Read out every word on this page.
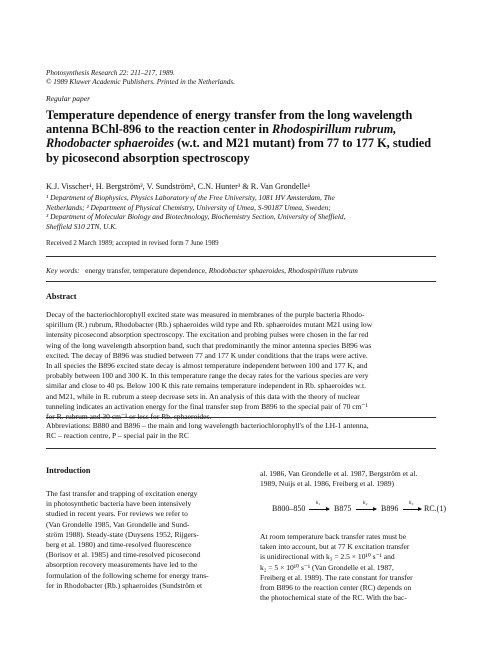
Photosynthesis Research 22: 211–217, 1989.
© 1989 Kluwer Academic Publishers. Printed in the Netherlands.
Regular paper
Temperature dependence of energy transfer from the long wavelength
antenna BChl-896 to the reaction center in Rhodospirillum rubrum,
Rhodobacter sphaeroides (w.t. and M21 mutant) from 77 to 177 K, studied
by picosecond absorption spectroscopy
K.J. Visscher¹, H. Bergström², V. Sundström², C.N. Hunter³ & R. Van Grondelle¹
¹ Department of Biophysics, Physics Laboratory of the Free University, 1081 HV Amsterdam, The
Netherlands; ² Department of Physical Chemistry, University of Umea, S-90187 Umea, Sweden;
³ Department of Molecular Biology and Biotechnology, Biochemistry Section, University of Sheffield,
Sheffield S10 2TN, U.K.
Received 2 March 1989; accepted in revised form 7 June 1989
Key words: energy transfer, temperature dependence, Rhodobacter sphaeroides, Rhodospirillum rubrum
Abstract
Decay of the bacteriochlorophyll excited state was measured in membranes of the purple bacteria Rhodo-
spirillum (R.) rubrum, Rhodobacter (Rb.) sphaeroides wild type and Rb. sphaeroides mutant M21 using low
intensity picosecond absorption spectroscopy. The excitation and probing pulses were chosen in the far red
wing of the long wavelength absorption band, such that predominantly the minor antenna species B896 was
excited. The decay of B896 was studied between 77 and 177 K under conditions that the traps were active.
In all species the B896 excited state decay is almost temperature independent between 100 and 177 K, and
probably between 100 and 300 K. In this temperature range the decay rates for the various species are very
similar and close to 40 ps. Below 100 K this rate remains temperature independent in Rb. sphaeroides w.t.
and M21, while in R. rubrum a steep decrease sets in. An analysis of this data with the theory of nuclear
tunneling indicates an activation energy for the final transfer step from B896 to the special pair of 70 cm⁻¹
for R. rubrum and 30 cm⁻¹ or less for Rb. sphaeroides.
Abbreviations: B880 and B896 – the main and long wavelength bacteriochlorophyll's of the LH-1 antenna,
RC – reaction centre, P – special pair in the RC
Introduction
The fast transfer and trapping of excitation energy
in photosynthetic bacteria have been intensively
studied in recent years. For reviews we refer to
(Van Grondelle 1985, Van Grondelle and Sund-
ström 1988). Steady-state (Duysens 1952, Rijgers-
berg et al. 1980) and time-resolved fluorescence
(Borisov et al. 1985) and time-resolved picosecond
absorption recovery measurements have led to the
formulation of the following scheme for energy trans-
fer in Rhodobacter (Rb.) sphaeroides (Sundström et
al. 1986, Van Grondelle et al. 1987, Bergström et al.
1989, Nuijs et al. 1986, Freiberg et al. 1989)
B800–850
k₁
B875
k₂
B896
k₃
RC. (1)
At room temperature back transfer rates must be
taken into account, but at 77 K excitation transfer
is unidirectional with k₃ = 2.5 × 10¹⁰ s⁻¹ and
k₂ = 5 × 10¹⁰ s⁻¹ (Van Grondelle et al. 1987,
Freiberg et al. 1989). The rate constant for transfer
from B896 to the reaction center (RC) depends on
the photochemical state of the RC. With the bac-
